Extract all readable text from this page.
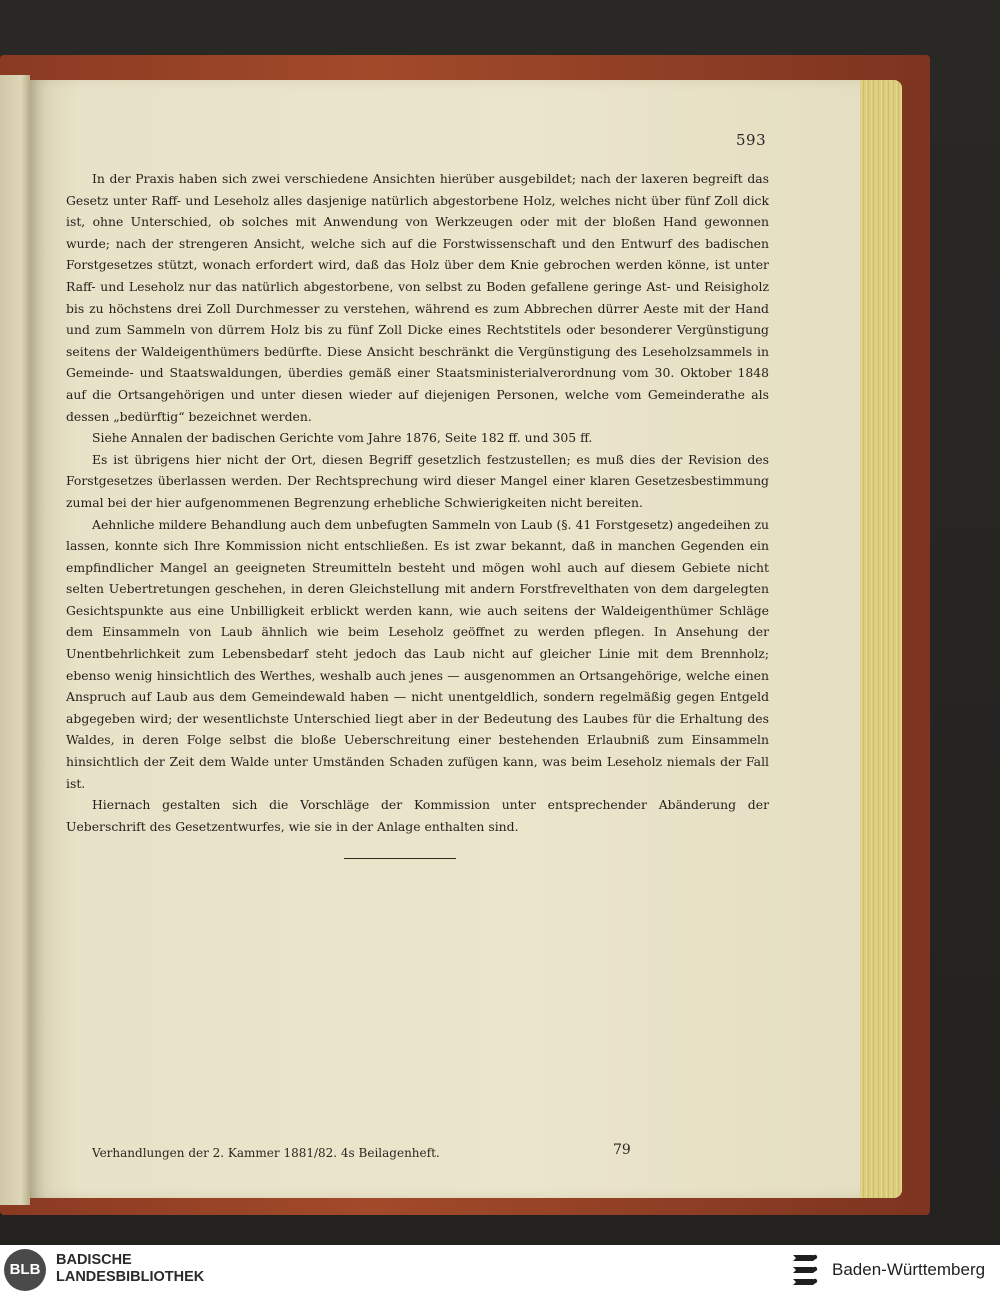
593

In der Praxis haben sich zwei verschiedene Ansichten hierüber ausgebildet; nach der laxeren begreift das Gesetz unter Raff- und Leseholz alles dasjenige natürlich abgestorbene Holz, welches nicht über fünf Zoll dick ist, ohne Unterschied, ob solches mit Anwendung von Werkzeugen oder mit der bloßen Hand gewonnen wurde; nach der strengeren Ansicht, welche sich auf die Forstwissenschaft und den Entwurf des badischen Forstgesetzes stützt, wonach erfordert wird, daß das Holz über dem Knie gebrochen werden könne, ist unter Raff- und Leseholz nur das natürlich abgestorbene, von selbst zu Boden gefallene geringe Ast- und Reisigholz bis zu höchstens drei Zoll Durchmesser zu verstehen, während es zum Abbrechen dürrer Aeste mit der Hand und zum Sammeln von dürrem Holz bis zu fünf Zoll Dicke eines Rechtstitels oder besonderer Vergünstigung seitens der Waldeigenthümers bedürfte. Diese Ansicht beschränkt die Vergünstigung des Leseholzsammels in Gemeinde- und Staatswaldungen, überdies gemäß einer Staatsministerialverordnung vom 30. Oktober 1848 auf die Ortsangehörigen und unter diesen wieder auf diejenigen Personen, welche vom Gemeinderathe als dessen „bedürftig“ bezeichnet werden.

Siehe Annalen der badischen Gerichte vom Jahre 1876, Seite 182 ff. und 305 ff.

Es ist übrigens hier nicht der Ort, diesen Begriff gesetzlich festzustellen; es muß dies der Revision des Forstgesetzes überlassen werden. Der Rechtsprechung wird dieser Mangel einer klaren Gesetzesbestimmung zumal bei der hier aufgenommenen Begrenzung erhebliche Schwierigkeiten nicht bereiten.

Aehnliche mildere Behandlung auch dem unbefugten Sammeln von Laub (§. 41 Forstgesetz) angedeihen zu lassen, konnte sich Ihre Kommission nicht entschließen. Es ist zwar bekannt, daß in manchen Gegenden ein empfindlicher Mangel an geeigneten Streumitteln besteht und mögen wohl auch auf diesem Gebiete nicht selten Uebertretungen geschehen, in deren Gleichstellung mit andern Forstfrevelthaten von dem dargelegten Gesichtspunkte aus eine Unbilligkeit erblickt werden kann, wie auch seitens der Waldeigenthümer Schläge dem Einsammeln von Laub ähnlich wie beim Leseholz geöffnet zu werden pflegen. In Ansehung der Unentbehrlichkeit zum Lebensbedarf steht jedoch das Laub nicht auf gleicher Linie mit dem Brennholz; ebenso wenig hinsichtlich des Werthes, weshalb auch jenes — ausgenommen an Ortsangehörige, welche einen Anspruch auf Laub aus dem Gemeindewald haben — nicht unentgeldlich, sondern regelmäßig gegen Entgeld abgegeben wird; der wesentlichste Unterschied liegt aber in der Bedeutung des Laubes für die Erhaltung des Waldes, in deren Folge selbst die bloße Ueberschreitung einer bestehenden Erlaubniß zum Einsammeln hinsichtlich der Zeit dem Walde unter Umständen Schaden zufügen kann, was beim Leseholz niemals der Fall ist.

Hiernach gestalten sich die Vorschläge der Kommission unter entsprechender Abänderung der Ueberschrift des Gesetzentwurfes, wie sie in der Anlage enthalten sind.

Verhandlungen der 2. Kammer 1881/82. 4s Beilagenheft.	79
BLB
BADISCHE
LANDESBIBLIOTHEK	Baden-Württemberg
